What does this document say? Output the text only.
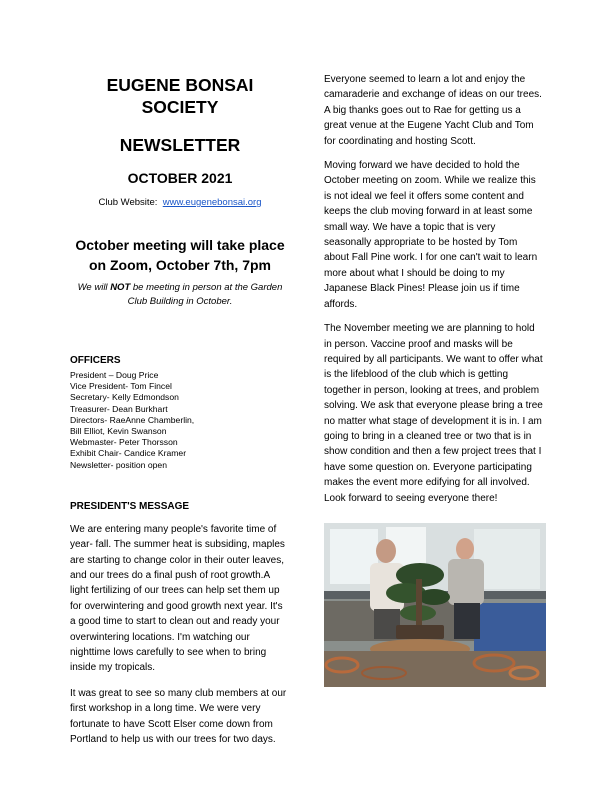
EUGENE BONSAI SOCIETY
NEWSLETTER
OCTOBER 2021
Club Website: www.eugenebonsai.org
October meeting will take place
on Zoom, October 7th, 7pm
We will NOT be meeting in person at the Garden Club Building in October.
OFFICERS
President – Doug Price
Vice President- Tom Fincel
Secretary- Kelly Edmondson
Treasurer- Dean Burkhart
Directors- RaeAnne Chamberlin,
Bill Elliot, Kevin Swanson
Webmaster- Peter Thorsson
Exhibit Chair- Candice Kramer
Newsletter- position open
PRESIDENT'S MESSAGE

We are entering many people's favorite time of year- fall. The summer heat is subsiding, maples are starting to change color in their outer leaves, and our trees do a final push of root growth.A light fertilizing of our trees can help set them up for overwintering and good growth next year. It's a good time to start to clean out and ready your overwintering locations. I'm watching our nighttime lows carefully to see when to bring inside my tropicals.

It was great to see so many club members at our first workshop in a long time. We were very fortunate to have Scott Elser come down from Portland to help us with our trees for two days.

Everyone seemed to learn a lot and enjoy the camaraderie and exchange of ideas on our trees. A big thanks goes out to Rae for getting us a great venue at the Eugene Yacht Club and Tom for coordinating and hosting Scott.

Moving forward we have decided to hold the October meeting on zoom. While we realize this is not ideal we feel it offers some content and keeps the club moving forward in at least some small way. We have a topic that is very seasonally appropriate to be hosted by Tom about Fall Pine work. I for one can't wait to learn more about what I should be doing to my Japanese Black Pines! Please join us if time affords.

The November meeting we are planning to hold in person. Vaccine proof and masks will be required by all participants. We want to offer what is the lifeblood of the club which is getting together in person, looking at trees, and problem solving. We ask that everyone please bring a tree no matter what stage of development it is in. I am going to bring in a cleaned tree or two that is in show condition and then a few project trees that I have some question on. Everyone participating makes the event more edifying for all involved. Look forward to seeing everyone there!
